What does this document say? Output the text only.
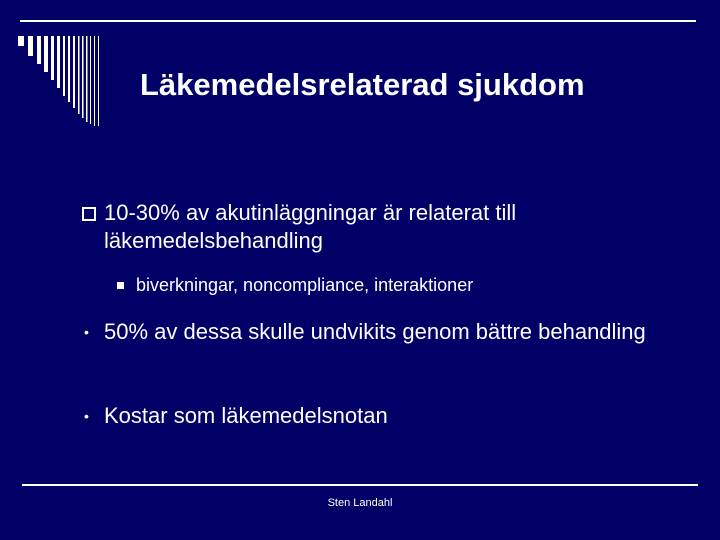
Läkemedelsrelaterad sjukdom
10-30% av akutinläggningar är relaterat till läkemedelsbehandling
biverkningar, noncompliance, interaktioner
• 50% av dessa skulle undvikits genom bättre behandling
• Kostar som läkemedelsnotan
Sten Landahl
